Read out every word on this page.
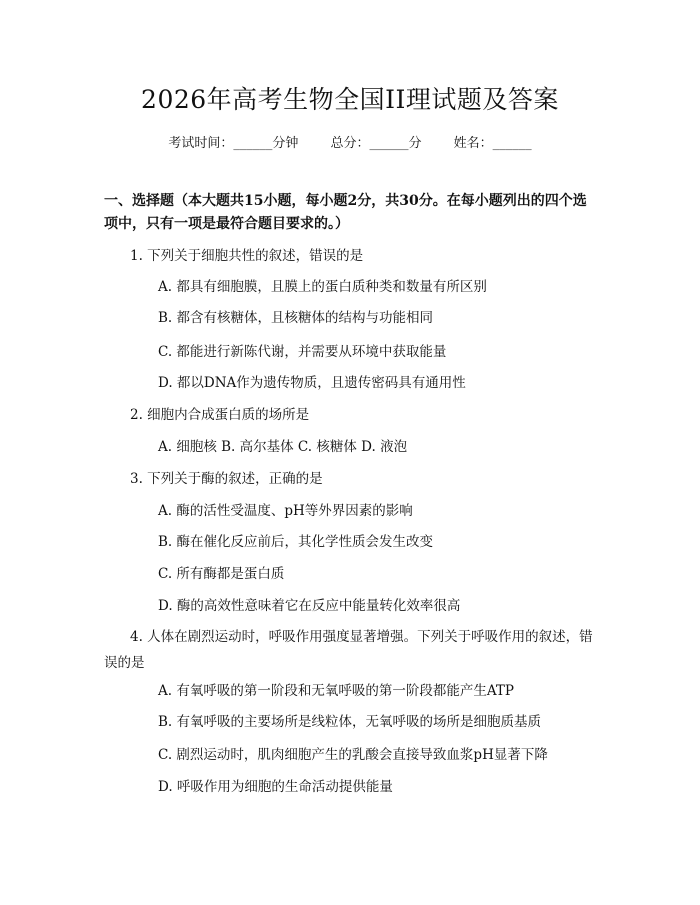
2026年高考生物全国II理试题及答案
考试时间：______分钟 总分：______分 姓名：______
一、选择题（本大题共15小题，每小题2分，共30分。在每小题列出的四个选项中，只有一项是最符合题目要求的。）
1. 下列关于细胞共性的叙述，错误的是
A. 都具有细胞膜，且膜上的蛋白质种类和数量有所区别
B. 都含有核糖体，且核糖体的结构与功能相同
C. 都能进行新陈代谢，并需要从环境中获取能量
D. 都以DNA作为遗传物质，且遗传密码具有通用性
2. 细胞内合成蛋白质的场所是
A. 细胞核 B. 高尔基体 C. 核糖体 D. 液泡
3. 下列关于酶的叙述，正确的是
A. 酶的活性受温度、pH等外界因素的影响
B. 酶在催化反应前后，其化学性质会发生改变
C. 所有酶都是蛋白质
D. 酶的高效性意味着它在反应中能量转化效率很高
4. 人体在剧烈运动时，呼吸作用强度显著增强。下列关于呼吸作用的叙述，错误的是
A. 有氧呼吸的第一阶段和无氧呼吸的第一阶段都能产生ATP
B. 有氧呼吸的主要场所是线粒体，无氧呼吸的场所是细胞质基质
C. 剧烈运动时，肌肉细胞产生的乳酸会直接导致血浆pH显著下降
D. 呼吸作用为细胞的生命活动提供能量
